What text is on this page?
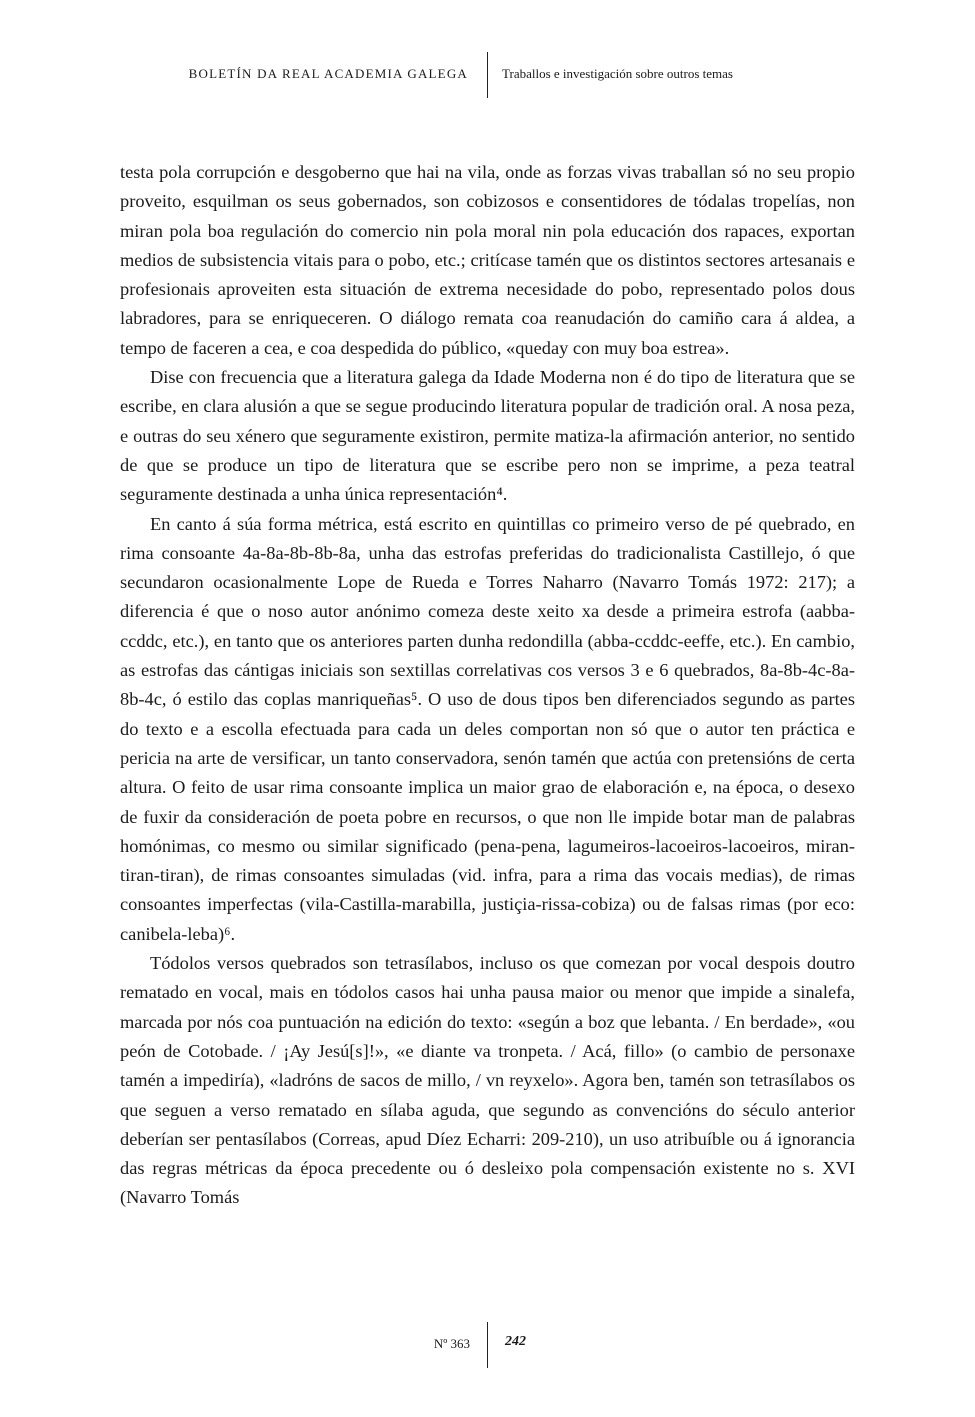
BOLETÍN DA REAL ACADEMIA GALEGA	Traballos e investigación sobre outros temas

testa pola corrupción e desgoberno que hai na vila, onde as forzas vivas traballan só no seu propio proveito, esquilman os seus gobernados, son cobizosos e consentidores de tódalas tropelías, non miran pola boa regulación do comercio nin pola moral nin pola educación dos rapaces, exportan medios de subsistencia vitais para o pobo, etc.; critícase tamén que os distintos sectores artesanais e profesionais aproveiten esta situación de extrema necesidade do pobo, representado polos dous labradores, para se enriqueceren. O diálogo remata coa reanudación do camiño cara á aldea, a tempo de faceren a cea, e coa despedida do público, «queday con muy boa estrea».

Dise con frecuencia que a literatura galega da Idade Moderna non é do tipo de literatura que se escribe, en clara alusión a que se segue producindo literatura popular de tradición oral. A nosa peza, e outras do seu xénero que seguramente existiron, permite matiza-la afirmación anterior, no sentido de que se produce un tipo de literatura que se escribe pero non se imprime, a peza teatral seguramente destinada a unha única representación⁴.

En canto á súa forma métrica, está escrito en quintillas co primeiro verso de pé quebrado, en rima consoante 4a-8a-8b-8b-8a, unha das estrofas preferidas do tradicionalista Castillejo, ó que secundaron ocasionalmente Lope de Rueda e Torres Naharro (Navarro Tomás 1972: 217); a diferencia é que o noso autor anónimo comeza deste xeito xa desde a primeira estrofa (aabba-ccddc, etc.), en tanto que os anteriores parten dunha redondilla (abba-ccddc-eeffe, etc.). En cambio, as estrofas das cántigas iniciais son sextillas correlativas cos versos 3 e 6 quebrados, 8a-8b-4c-8a-8b-4c, ó estilo das coplas manriqueñas⁵. O uso de dous tipos ben diferenciados segundo as partes do texto e a escolla efectuada para cada un deles comportan non só que o autor ten práctica e pericia na arte de versificar, un tanto conservadora, senón tamén que actúa con pretensións de certa altura. O feito de usar rima consoante implica un maior grao de elaboración e, na época, o desexo de fuxir da consideración de poeta pobre en recursos, o que non lle impide botar man de palabras homónimas, co mesmo ou similar significado (pena-pena, lagumeiros-lacoeiros-lacoeiros, miran-tiran-tiran), de rimas consoantes simuladas (vid. infra, para a rima das vocais medias), de rimas consoantes imperfectas (vila-Castilla-marabilla, justiçia-rissa-cobiza) ou de falsas rimas (por eco: canibela-leba)⁶.

Tódolos versos quebrados son tetrasílabos, incluso os que comezan por vocal despois doutro rematado en vocal, mais en tódolos casos hai unha pausa maior ou menor que impide a sinalefa, marcada por nós coa puntuación na edición do texto: «según a boz que lebanta. / En berdade», «ou peón de Cotobade. / ¡Ay Jesú[s]!», «e diante va tronpeta. / Acá, fillo» (o cambio de personaxe tamén a impediría), «ladróns de sacos de millo, / vn reyxelo». Agora ben, tamén son tetrasílabos os que seguen a verso rematado en sílaba aguda, que segundo as convencións do século anterior deberían ser pentasílabos (Correas, apud Díez Echarri: 209-210), un uso atribuíble ou á ignorancia das regras métricas da época precedente ou ó desleixo pola compensación existente no s. XVI (Navarro Tomás

Nº 363	242
